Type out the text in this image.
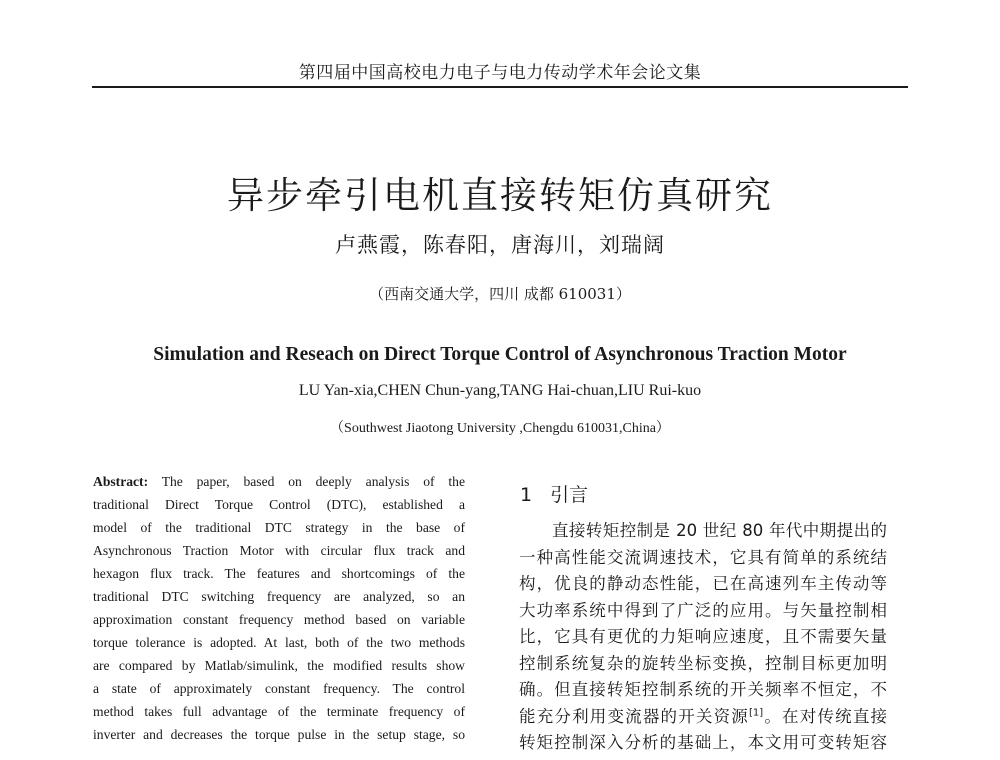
第四届中国高校电力电子与电力传动学术年会论文集
异步牵引电机直接转矩仿真研究
卢燕霞，陈春阳，唐海川，刘瑞阔
（西南交通大学，四川 成都 610031）
Simulation and Reseach on Direct Torque Control of Asynchronous Traction Motor
LU Yan-xia,CHEN Chun-yang,TANG Hai-chuan,LIU Rui-kuo
（Southwest Jiaotong University ,Chengdu 610031,China）
Abstract: The paper, based on deeply analysis of the
traditional Direct Torque Control (DTC), established a
model of the traditional DTC strategy in the base of
Asynchronous Traction Motor with circular flux track and
hexagon flux track. The features and shortcomings of the
traditional DTC switching frequency are analyzed, so an
approximation constant frequency method based on variable
torque tolerance is adopted. At last, both of the two methods
are compared by Matlab/simulink, the modified results show
a state of approximately constant frequency. The control
method takes full advantage of the terminate frequency of
inverter and decreases the torque pulse in the setup stage, so
1 引言
直接转矩控制是 20 世纪 80 年代中期提出的
一种高性能交流调速技术，它具有简单的系统结
构，优良的静动态性能，已在高速列车主传动等
大功率系统中得到了广泛的应用。与矢量控制相
比，它具有更优的力矩响应速度，且不需要矢量
控制系统复杂的旋转坐标变换，控制目标更加明
确。但直接转矩控制系统的开关频率不恒定，不
能充分利用变流器的开关资源[1]。在对传统直接
转矩控制深入分析的基础上，本文用可变转矩容
